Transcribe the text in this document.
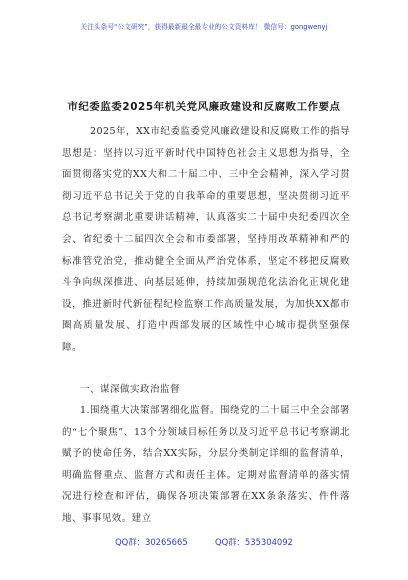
关注头条号“公文研究”，获得最新最全最专业的公文资料库！ 微信号：gongwenyj
市纪委监委2025年机关党风廉政建设和反腐败工作要点
2025年，XX市纪委监委党风廉政建设和反腐败工作的指导思想是：坚持以习近平新时代中国特色社会主义思想为指导，全面贯彻落实党的XX大和二十届二中、三中全会精神，深入学习贯彻习近平总书记关于党的自我革命的重要思想，坚决贯彻习近平总书记考察湖北重要讲话精神，认真落实二十届中央纪委四次全会、省纪委十二届四次全会和市委部署，坚持用改革精神和严的标准管党治党，推动健全全面从严治党体系，坚定不移把反腐败斗争向纵深推进、向基层延伸，持续加强规范化法治化正规化建设，推进新时代新征程纪检监察工作高质量发展，为加快XX都市圈高质量发展、打造中西部发展的区域性中心城市提供坚强保障。
一、谋深做实政治监督
1.围绕重大决策部署细化监督。围绕党的二十届三中全会部署的“七个聚焦”、13个分领域目标任务以及习近平总书记考察湖北赋予的使命任务，结合XX实际，分层分类制定详细的监督清单，明确监督重点、监督方式和责任主体。定期对监督清单的落实情况进行检查和评估，确保各项决策部署在XX条条落实、件件落地、事事见效。建立
QQ群：30265665	QQ群：535304092
